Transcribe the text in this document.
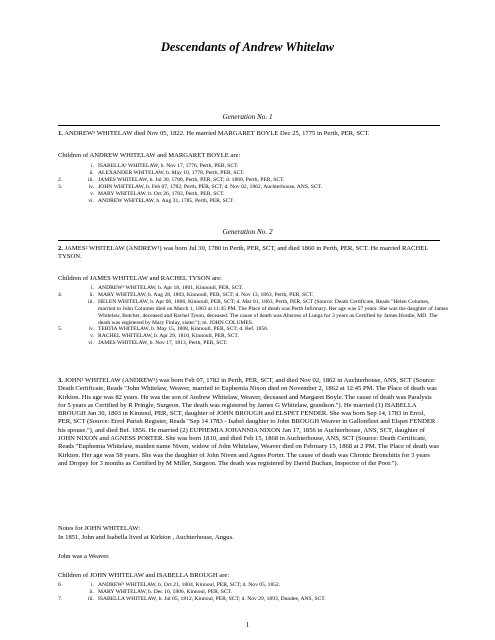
Descendants of Andrew Whitelaw
Generation No. 1
1. ANDREW¹ WHITELAW died Nov 05, 1822. He married MARGARET BOYLE Dec 25, 1775 in Perth, PER, SCT.
Children of ANDREW WHITELAW and MARGARET BOYLE are:
i. ISABELLA² WHITELAW, b. Nov 17, 1776, Perth, PER, SCT.
ii. ALEXANDER WHITELAW, b. May 10, 1778, Perth, PER, SCT.
2.	iii. JAMES WHITELAW, b. Jul 30, 1780, Perth, PER, SCT; d. 1860, Perth, PER, SCT.
3.	iv. JOHN WHITELAW, b. Feb 07, 1782, Perth, PER, SCT; d. Nov 02, 1862, Auchterhouse, ANS, SCT.
v. MARY WHITELAW, b. Oct 26, 1783, Perth, PER, SCT.
vi. ANDREW WHITELAW, b. Aug 31, 1785, Perth, PER, SCT.
Generation No. 2
2. JAMES² WHITELAW (ANDREW¹) was born Jul 30, 1780 in Perth, PER, SCT, and died 1860 in Perth, PER, SCT. He married RACHEL TYSON.
Children of JAMES WHITELAW and RACHEL TYSON are:
i. ANDREW³ WHITELAW, b. Apr 18, 1801, Kinnoull, PER, SCT.
4.	ii. MARY WHITELAW, b. Aug 28, 1803, Kinnoull, PER, SCT; d. Nov 13, 1863, Perth, PER, SCT.
iii. HELEN WHITELAW, b. Apr 06, 1806, Kinnoull, PER, SCT; d. Mar 01, 1863, Perth, PER, SCT (Source: Death Certificate, Reads "Helen Columes, married to John Columes died on March 1, 1863 at 11:45 PM. The Place of death was Perth Infirmary. Her age was 57 years. She was the daughter of James Whitelaw, Butcher, deceased and Rachel Tyson, deceased. The cause of death was Abscess of Lungs for 3 years as Certified by James Hurdie, MD. The death was registered by Mary Finlay, sister."); m. JOHN COLUMES.
5.	iv. TERTIA WHITELAW, b. May 15, 1808, Kinnoull, PER, SCT; d. Bef. 1856.
v. RACHEL WHITELAW, b. Apr 29, 1810, Kinnoull, PER, SCT.
vi. JAMES WHITELAW, b. Nov 17, 1813, Perth, PER, SCT.
3. JOHN² WHITELAW (ANDREW¹) was born Feb 07, 1782 in Perth, PER, SCT, and died Nov 02, 1862 in Auchterhouse, ANS, SCT (Source: Death Certificate, Reads "John Whitelaw, Weaver, married to Euphemia Nixon died on November 2, 1862 at 12:45 PM. The Place of death was Kirkton. His age was 82 years. He was the son of Andrew Whitelaw, Weaver, deceased and Margaret Boyle. The cause of death was Paralysis for 5 years as Certified by R Pringle, Surgeon. The death was registered by James G Whitelaw, grandson."). He married (1) ISABELLA BROUGH Jan 30, 1803 in Kinnoul, PER, SCT, daughter of JOHN BROUGH and ELSPET FENDER. She was born Sep 14, 1783 in Errol, PER, SCT (Source: Errol Parish Register, Reads "Sep 14 1783 - Isabel daughter to John BROUGH Weaver in Gallonfleet and Elspet FENDER his spouse."), and died Bef. 1856. He married (2) EUPHEMIA JOHANNIA NIXON Jan 17, 1856 in Auchterhouse, ANS, SCT, daughter of JOHN NIXON and AGNESS PORTER. She was born 1810, and died Feb 15, 1868 in Auchterhouse, ANS, SCT (Source: Death Certificate, Reads "Euphemia Whitelaw, maiden name Niven, widow of John Whitelaw, Weaver died on February 15, 1868 at 2 PM. The Place of death was Kirkton. Her age was 58 years. She was the daughter of John Niven and Agnes Porter. The cause of death was Chronic Bronchitis for 3 years and Dropsy for 3 months as Certified by M Miller, Surgeon. The death was registered by David Buchan, Inspector of the Poor.").
Notes for JOHN WHITELAW:
In 1851, John and Isabella lived at Kirkton , Auchterhouse, Angus.
John was a Weaver.
Children of JOHN WHITELAW and ISABELLA BROUGH are:
6.	i. ANDREW³ WHITELAW, b. Oct 21, 1804, Kinnoul, PER, SCT; d. Nov 05, 1852.
ii. MARY WHITELAW, b. Dec 10, 1806, Kinnoul, PER, SCT.
7.	iii. ISABELLA WHITELAW, b. Jul 05, 1812, Kinnoul, PER, SCT; d. Nov 29, 1893, Dundee, ANS, SCT.
1
